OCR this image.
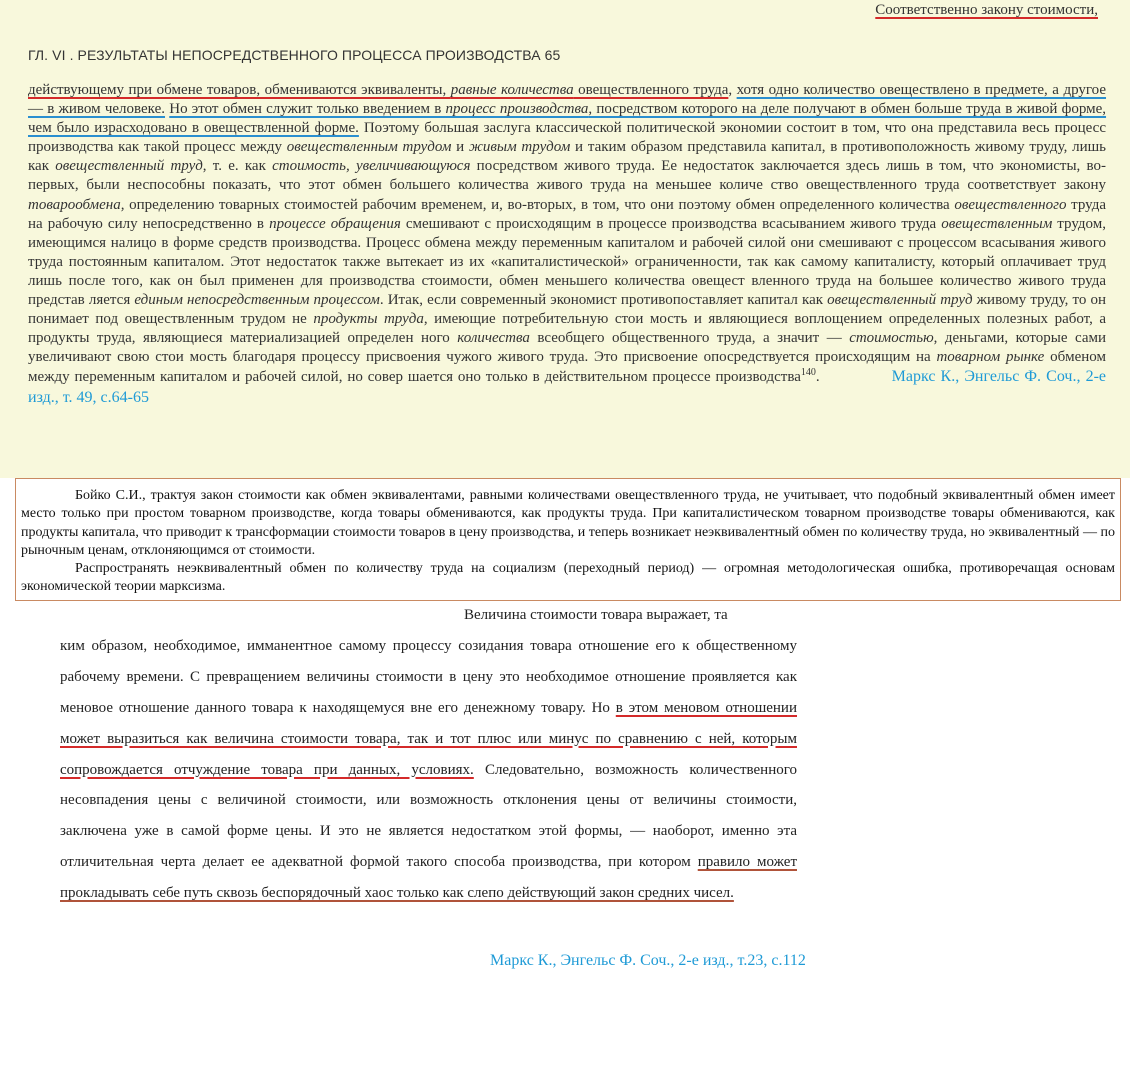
Соответственно закону стоимости,
ГЛ. VI . РЕЗУЛЬТАТЫ НЕПОСРЕДСТВЕННОГО ПРОЦЕССА ПРОИЗВОДСТВА 65
действующему при обмене товаров, обмениваются эквиваленты, равные количества овеществленного труда, хотя одно количество овеществлено в предмете, а другое — в живом человеке. Но этот обмен служит только введением в процесс производства, посредством которого на деле получают в обмен больше труда в живой форме, чем было израсходовано в овеществленной форме. Поэтому большая заслуга классической политической экономии состоит в том, что она представила весь процесс производства как такой процесс между овеществленным трудом и живым трудом и таким образом представила капитал, в противоположность живому труду, лишь как овеществленный труд, т. е. как стоимость, увеличивающуюся посредством живого труда. Ее недостаток заключается здесь лишь в том, что экономисты, во-первых, были неспособны показать, что этот обмен большего количества живого труда на меньшее количе ство овеществленного труда соответствует закону товарообмена, определению товарных стоимостей рабочим временем, и, во-вторых, в том, что они поэтому обмен определенного количества овеществленного труда на рабочую силу непосредственно в процессе обращения смешивают с происходящим в процессе производства всасыванием живого труда овеществленным трудом, имеющимся налицо в форме средств производства. Процесс обмена между переменным капиталом и рабочей силой они смешивают с процессом всасывания живого труда постоянным капиталом. Этот недостаток также вытекает из их «капиталистической» ограниченности, так как самому капиталисту, который оплачивает труд лишь после того, как он был применен для производства стоимости, обмен меньшего количества овещест вленного труда на большее количество живого труда представ ляется единым непосредственным процессом. Итак, если современный экономист противопоставляет капитал как овеществленный труд живому труду, то он понимает под овеществленным трудом не продукты труда, имеющие потребительную стои мость и являющиеся воплощением определенных полезных работ, а продукты труда, являющиеся материализацией определен ного количества всеобщего общественного труда, а значит — стоимостью, деньгами, которые сами увеличивают свою стои мость благодаря процессу присвоения чужого живого труда. Это присвоение опосредствуется происходящим на товарном рынке обменом между переменным капиталом и рабочей силой, но совер шается оно только в действительном процессе производства$^{140}$.	Маркс К., Энгельс Ф. Соч., 2-е изд., т. 49, с.64-65

Бойко С.И., трактуя закон стоимости как обмен эквивалентами, равными количествами овеществленного труда, не учитывает, что подобный эквивалентный обмен имеет место только при простом товарном производстве, когда товары обмениваются, как продукты труда. При капиталистическом товарном производстве товары обмениваются, как продукты капитала, что приводит к трансформации стоимости товаров в цену производства, и теперь возникает неэквивалентный обмен по количеству труда, но эквивалентный — по рыночным ценам, отклоняющимся от стоимости.

Распространять неэквивалентный обмен по количеству труда на социализм (переходный период) — огромная методологическая ошибка, противоречащая основам экономической теории марксизма.

Величина стоимости товара выражает, та
ким образом, необходимое, имманентное самому процессу созидания товара отношение его к общественному рабочему времени. С превращением величины стоимости в цену это необходимое отношение проявляется как меновое отношение данного товара к находящемуся вне его денежному товару. Но в этом меновом отношении может выразиться как величина стоимости товара, так и тот плюс или минус по сравнению с ней, которым сопровождается отчуждение товара при данных, условиях. Следовательно, возможность количественного несовпадения цены с величиной стоимости, или возможность отклонения цены от величины стоимости, заключена уже в самой форме цены. И это не является недостатком этой формы, — наоборот, именно эта отличительная черта делает ее адекватной формой такого способа производства, при котором правило может прокладывать себе путь сквозь беспорядочный хаос только как слепо действующий закон средних чисел.
Маркс К., Энгельс Ф. Соч., 2-е изд., т.23, с.112
